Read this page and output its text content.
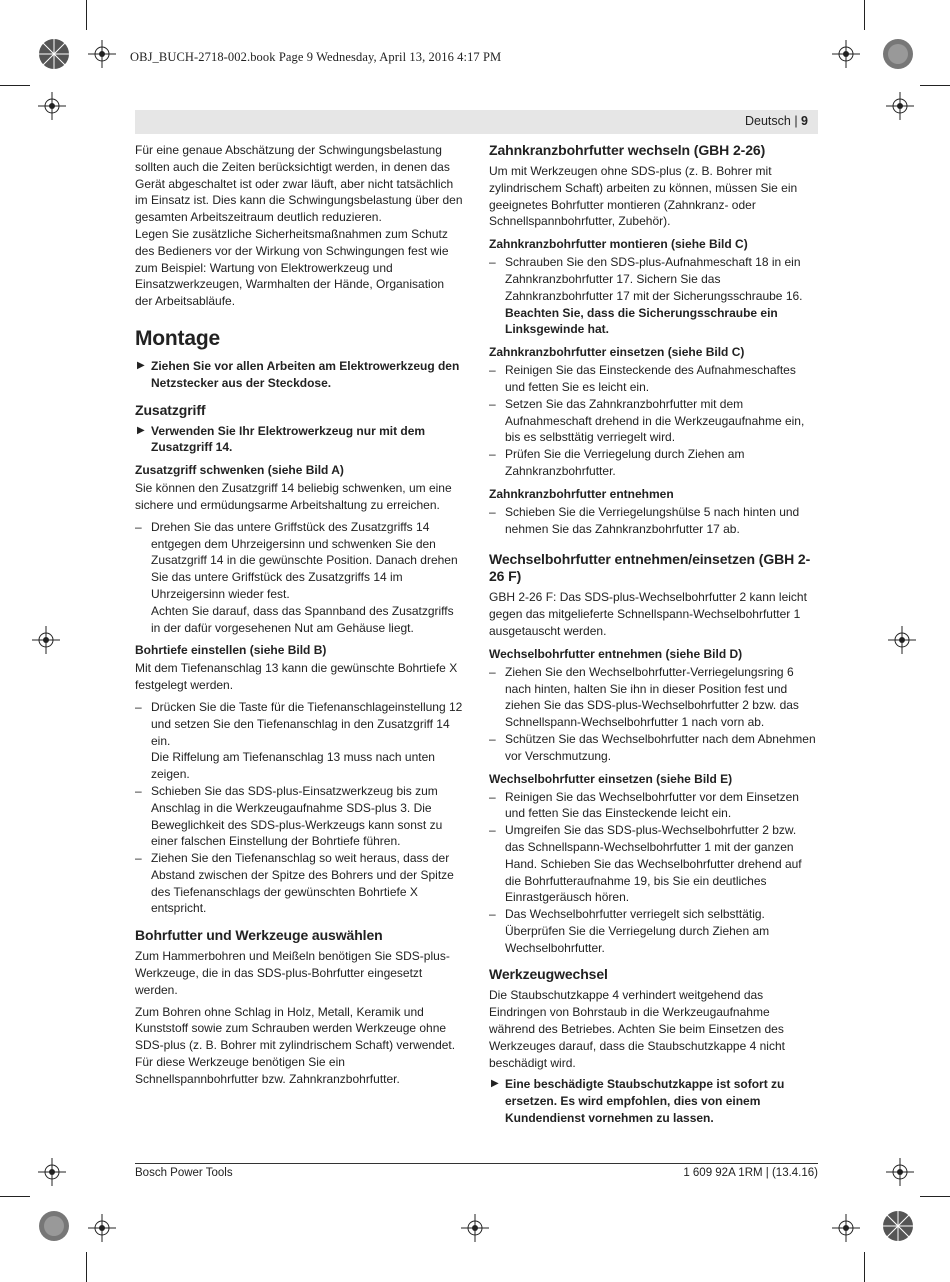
OBJ_BUCH-2718-002.book Page 9 Wednesday, April 13, 2016 4:17 PM
Deutsch | 9

Für eine genaue Abschätzung der Schwingungsbelastung sollten auch die Zeiten berücksichtigt werden, in denen das Gerät abgeschaltet ist oder zwar läuft, aber nicht tatsächlich im Einsatz ist. Dies kann die Schwingungsbelastung über den gesamten Arbeitszeitraum deutlich reduzieren.

Legen Sie zusätzliche Sicherheitsmaßnahmen zum Schutz des Bedieners vor der Wirkung von Schwingungen fest wie zum Beispiel: Wartung von Elektrowerkzeug und Einsatzwerkzeugen, Warmhalten der Hände, Organisation der Arbeitsabläufe.

Montage
▶ Ziehen Sie vor allen Arbeiten am Elektrowerkzeug den Netzstecker aus der Steckdose.
Zusatzgriff
▶ Verwenden Sie Ihr Elektrowerkzeug nur mit dem Zusatzgriff 14.
Zusatzgriff schwenken (siehe Bild A)

Sie können den Zusatzgriff 14 beliebig schwenken, um eine sichere und ermüdungsarme Arbeitshaltung zu erreichen.

– Drehen Sie das untere Griffstück des Zusatzgriffs 14 entgegen dem Uhrzeigersinn und schwenken Sie den Zusatzgriff 14 in die gewünschte Position. Danach drehen Sie das untere Griffstück des Zusatzgriffs 14 im Uhrzeigersinn wieder fest.
Achten Sie darauf, dass das Spannband des Zusatzgriffs in der dafür vorgesehenen Nut am Gehäuse liegt.
Bohrtiefe einstellen (siehe Bild B)

Mit dem Tiefenanschlag 13 kann die gewünschte Bohrtiefe X festgelegt werden.

– Drücken Sie die Taste für die Tiefenanschlageinstellung 12 und setzen Sie den Tiefenanschlag in den Zusatzgriff 14 ein.
Die Riffelung am Tiefenanschlag 13 muss nach unten zeigen.
– Schieben Sie das SDS-plus-Einsatzwerkzeug bis zum Anschlag in die Werkzeugaufnahme SDS-plus 3. Die Beweglichkeit des SDS-plus-Werkzeugs kann sonst zu einer falschen Einstellung der Bohrtiefe führen.
– Ziehen Sie den Tiefenanschlag so weit heraus, dass der Abstand zwischen der Spitze des Bohrers und der Spitze des Tiefenanschlags der gewünschten Bohrtiefe X entspricht.
Bohrfutter und Werkzeuge auswählen

Zum Hammerbohren und Meißeln benötigen Sie SDS-plus-Werkzeuge, die in das SDS-plus-Bohrfutter eingesetzt werden.

Zum Bohren ohne Schlag in Holz, Metall, Keramik und Kunststoff sowie zum Schrauben werden Werkzeuge ohne SDS-plus (z. B. Bohrer mit zylindrischem Schaft) verwendet. Für diese Werkzeuge benötigen Sie ein Schnellspannbohrfutter bzw. Zahnkranzbohrfutter.

Zahnkranzbohrfutter wechseln (GBH 2-26)

Um mit Werkzeugen ohne SDS-plus (z. B. Bohrer mit zylindrischem Schaft) arbeiten zu können, müssen Sie ein geeignetes Bohrfutter montieren (Zahnkranz- oder Schnellspannbohrfutter, Zubehör).

Zahnkranzbohrfutter montieren (siehe Bild C)
– Schrauben Sie den SDS-plus-Aufnahmeschaft 18 in ein Zahnkranzbohrfutter 17. Sichern Sie das Zahnkranzbohrfutter 17 mit der Sicherungsschraube 16. Beachten Sie, dass die Sicherungsschraube ein Linksgewinde hat.
Zahnkranzbohrfutter einsetzen (siehe Bild C)
– Reinigen Sie das Einsteckende des Aufnahmeschaftes und fetten Sie es leicht ein.
– Setzen Sie das Zahnkranzbohrfutter mit dem Aufnahmeschaft drehend in die Werkzeugaufnahme ein, bis es selbsttätig verriegelt wird.
– Prüfen Sie die Verriegelung durch Ziehen am Zahnkranzbohrfutter.
Zahnkranzbohrfutter entnehmen
– Schieben Sie die Verriegelungshülse 5 nach hinten und nehmen Sie das Zahnkranzbohrfutter 17 ab.
Wechselbohrfutter entnehmen/einsetzen (GBH 2-26 F)

GBH 2-26 F: Das SDS-plus-Wechselbohrfutter 2 kann leicht gegen das mitgelieferte Schnellspann-Wechselbohrfutter 1 ausgetauscht werden.

Wechselbohrfutter entnehmen (siehe Bild D)
– Ziehen Sie den Wechselbohrfutter-Verriegelungsring 6 nach hinten, halten Sie ihn in dieser Position fest und ziehen Sie das SDS-plus-Wechselbohrfutter 2 bzw. das Schnellspann-Wechselbohrfutter 1 nach vorn ab.
– Schützen Sie das Wechselbohrfutter nach dem Abnehmen vor Verschmutzung.
Wechselbohrfutter einsetzen (siehe Bild E)
– Reinigen Sie das Wechselbohrfutter vor dem Einsetzen und fetten Sie das Einsteckende leicht ein.
– Umgreifen Sie das SDS-plus-Wechselbohrfutter 2 bzw. das Schnellspann-Wechselbohrfutter 1 mit der ganzen Hand. Schieben Sie das Wechselbohrfutter drehend auf die Bohrfutteraufnahme 19, bis Sie ein deutliches Einrastgeräusch hören.
– Das Wechselbohrfutter verriegelt sich selbsttätig. Überprüfen Sie die Verriegelung durch Ziehen am Wechselbohrfutter.
Werkzeugwechsel

Die Staubschutzkappe 4 verhindert weitgehend das Eindringen von Bohrstaub in die Werkzeugaufnahme während des Betriebes. Achten Sie beim Einsetzen des Werkzeuges darauf, dass die Staubschutzkappe 4 nicht beschädigt wird.

▶ Eine beschädigte Staubschutzkappe ist sofort zu ersetzen. Es wird empfohlen, dies von einem Kundendienst vornehmen zu lassen.
Bosch Power Tools	1 609 92A 1RM | (13.4.16)
